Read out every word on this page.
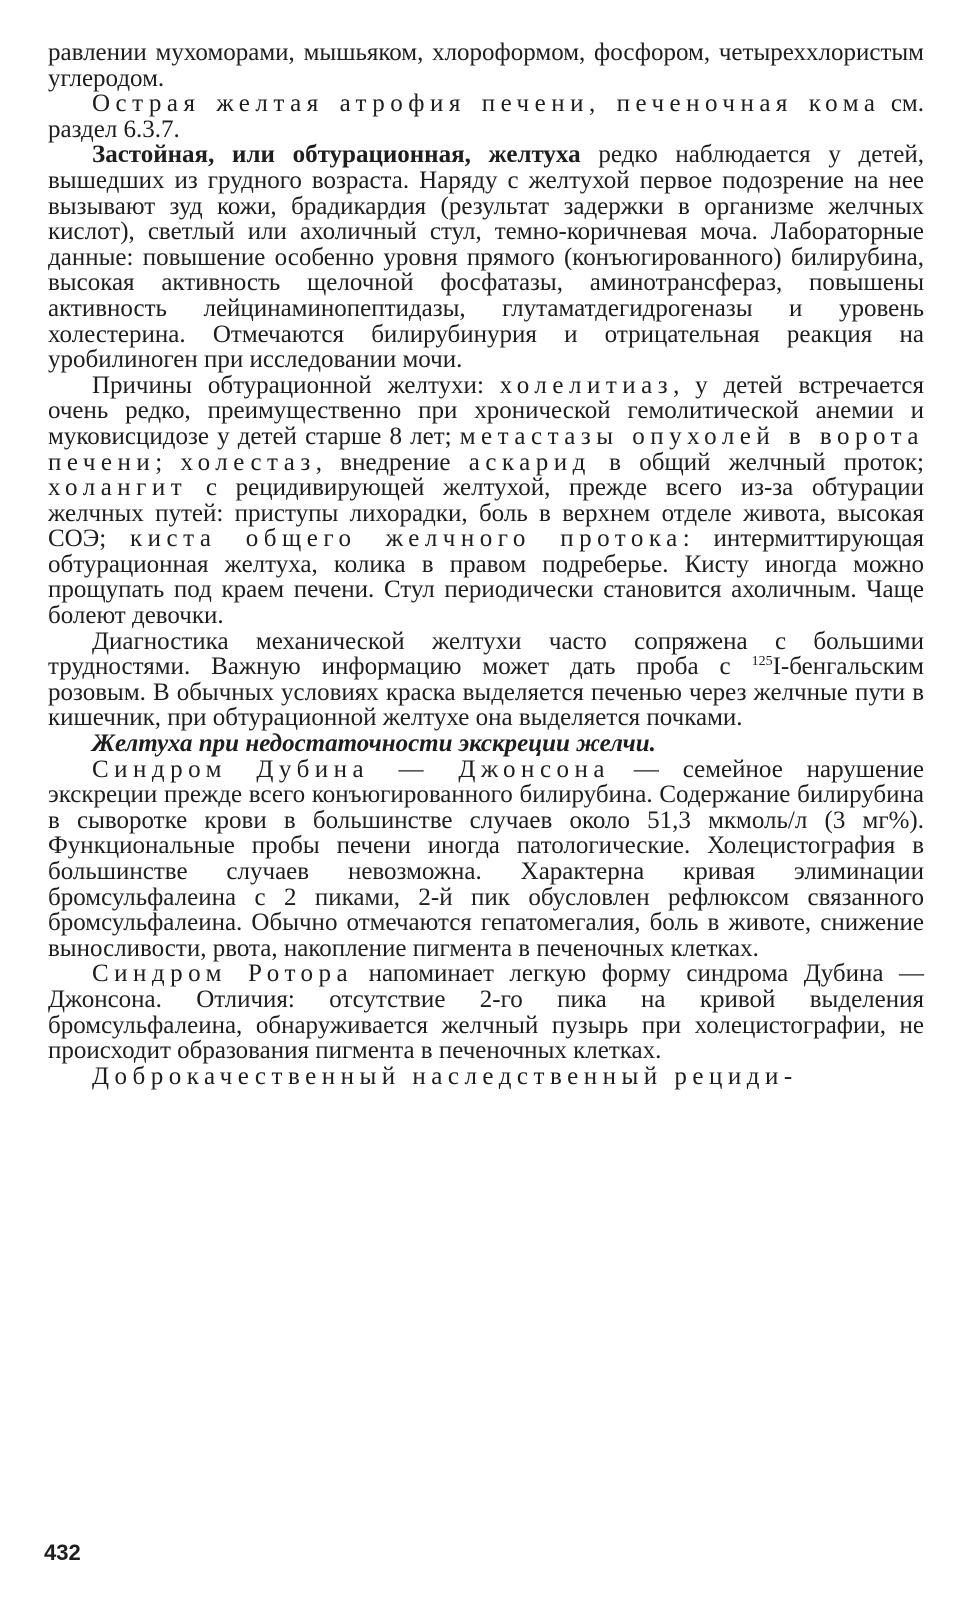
равлении мухоморами, мышьяком, хлороформом, фосфором, четыреххлористым углеродом.

Острая желтая атрофия печени, печеночная кома см. раздел 6.3.7.

Застойная, или обтурационная, желтуха редко наблюдается у детей, вышедших из грудного возраста. Наряду с желтухой первое подозрение на нее вызывают зуд кожи, брадикардия (результат задержки в организме желчных кислот), светлый или ахоличный стул, темно-коричневая моча. Лабораторные данные: повышение особенно уровня прямого (конъюгированного) билирубина, высокая активность щелочной фосфатазы, аминотрансфераз, повышены активность лейцинаминопептидазы, глутаматдегидрогеназы и уровень холестерина. Отмечаются билирубинурия и отрицательная реакция на уробилиноген при исследовании мочи.

Причины обтурационной желтухи: холелитиаз, у детей встречается очень редко, преимущественно при хронической гемолитической анемии и муковисцидозе у детей старше 8 лет; метастазы опухолей в ворота печени; холестаз, внедрение аскарид в общий желчный проток; холангит с рецидивирующей желтухой, прежде всего из-за обтурации желчных путей: приступы лихорадки, боль в верхнем отделе живота, высокая СОЭ; киста общего желчного протока: интермиттирующая обтурационная желтуха, колика в правом подреберье. Кисту иногда можно прощупать под краем печени. Стул периодически становится ахоличным. Чаще болеют девочки.

Диагностика механической желтухи часто сопряжена с большими трудностями. Важную информацию может дать проба с $^{125}$I-бенгальским розовым. В обычных условиях краска выделяется печенью через желчные пути в кишечник, при обтурационной желтухе она выделяется почками.

Желтуха при недостаточности экскреции желчи.

Синдром Дубина — Джонсона — семейное нарушение экскреции прежде всего конъюгированного билирубина. Содержание билирубина в сыворотке крови в большинстве случаев около 51,3 мкмоль/л (3 мг%). Функциональные пробы печени иногда патологические. Холецистография в большинстве случаев невозможна. Характерна кривая элиминации бромсульфалеина с 2 пиками, 2-й пик обусловлен рефлюксом связанного бромсульфалеина. Обычно отмечаются гепатомегалия, боль в животе, снижение выносливости, рвота, накопление пигмента в печеночных клетках.

Синдром Ротора напоминает легкую форму синдрома Дубина — Джонсона. Отличия: отсутствие 2-го пика на кривой выделения бромсульфалеина, обнаруживается желчный пузырь при холецистографии, не происходит образования пигмента в печеночных клетках.

Доброкачественный наследственный рециди-

432
